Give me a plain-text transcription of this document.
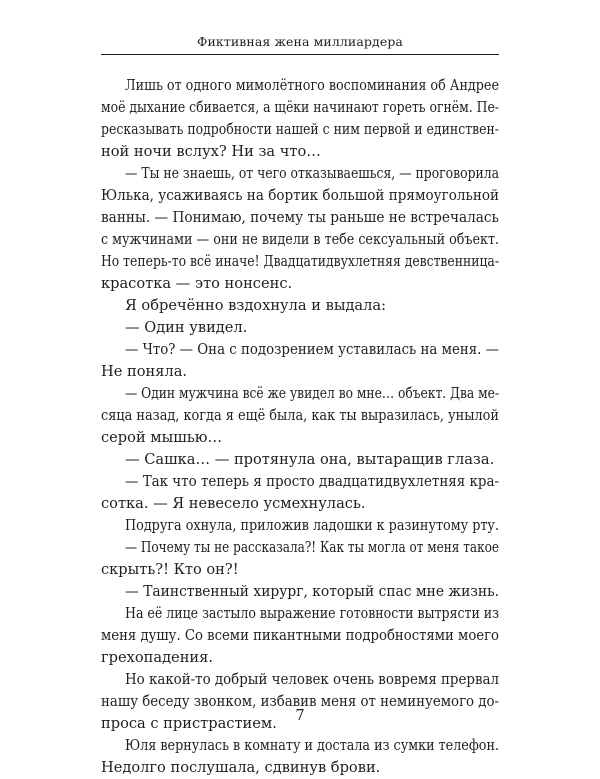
Фиктивная жена миллиардера
Лишь от одного мимолётного воспоминания об Андрее
моё дыхание сбивается, а щёки начинают гореть огнём. Пе-
ресказывать подробности нашей с ним первой и единствен-
ной ночи вслух? Ни за что…
— Ты не знаешь, от чего отказываешься, — проговорила
Юлька, усаживаясь на бортик большой прямоугольной
ванны. — Понимаю, почему ты раньше не встречалась
с мужчинами — они не видели в тебе сексуальный объект.
Но теперь-то всё иначе! Двадцатидвухлетняя девственница-
красотка — это нонсенс.
Я обречённо вздохнула и выдала:
— Один увидел.
— Что? — Она с подозрением уставилась на меня. —
Не поняла.
— Один мужчина всё же увидел во мне… объект. Два ме-
сяца назад, когда я ещё была, как ты выразилась, унылой
серой мышью…
— Сашка… — протянула она, вытаращив глаза.
— Так что теперь я просто двадцатидвухлетняя кра-
сотка. — Я невесело усмехнулась.
Подруга охнула, приложив ладошки к разинутому рту.
— Почему ты не рассказала?! Как ты могла от меня такое
скрыть?! Кто он?!
— Таинственный хирург, который спас мне жизнь.
На её лице застыло выражение готовности вытрясти из
меня душу. Со всеми пикантными подробностями моего
грехопадения.
Но какой-то добрый человек очень вовремя прервал
нашу беседу звонком, избавив меня от неминуемого до-
проса с пристрастием.
Юля вернулась в комнату и достала из сумки телефон.
Недолго послушала, сдвинув брови.
7
